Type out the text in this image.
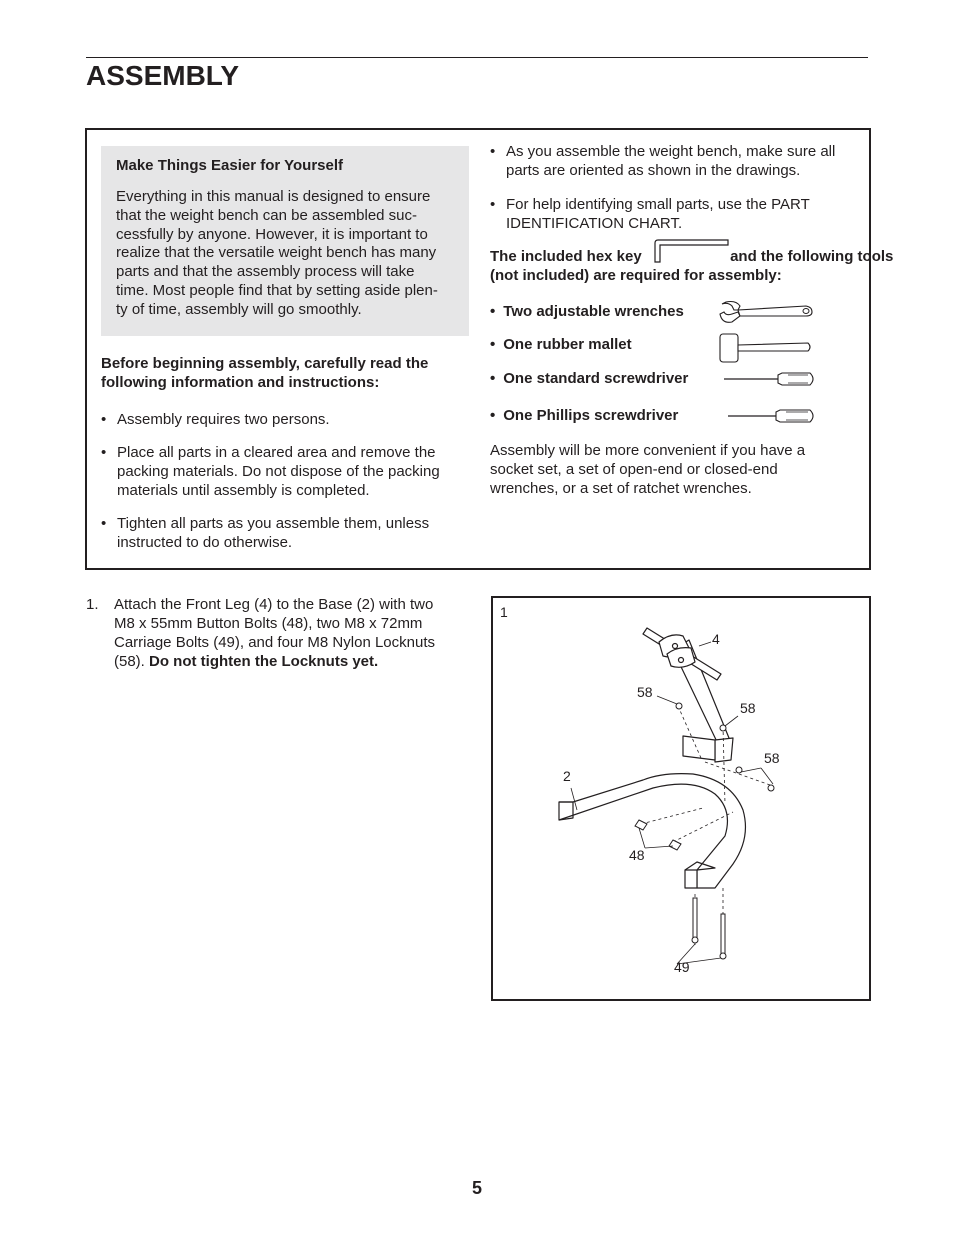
ASSEMBLY
Make Things Easier for Yourself
Everything in this manual is designed to ensure
that the weight bench can be assembled suc-
cessfully by anyone. However, it is important to
realize that the versatile weight bench has many
parts and that the assembly process will take
time. Most people find that by setting aside plen-
ty of time, assembly will go smoothly.
Before beginning assembly, carefully read the
following information and instructions:
• Assembly requires two persons.
• Place all parts in a cleared area and remove the
packing materials. Do not dispose of the packing
materials until assembly is completed.
• Tighten all parts as you assemble them, unless
instructed to do otherwise.
• As you assemble the weight bench, make sure all
parts are oriented as shown in the drawings.
• For help identifying small parts, use the PART
IDENTIFICATION CHART.
The included hex key	and the following tools
(not included) are required for assembly:
• Two adjustable wrenches
• One rubber mallet
• One standard screwdriver
• One Phillips screwdriver
Assembly will be more convenient if you have a
socket set, a set of open-end or closed-end
wrenches, or a set of ratchet wrenches.
1. Attach the Front Leg (4) to the Base (2) with two
M8 x 55mm Button Bolts (48), two M8 x 72mm
Carriage Bolts (49), and four M8 Nylon Locknuts
(58). Do not tighten the Locknuts yet.
1
4
58
58
58
2
48
49
5
